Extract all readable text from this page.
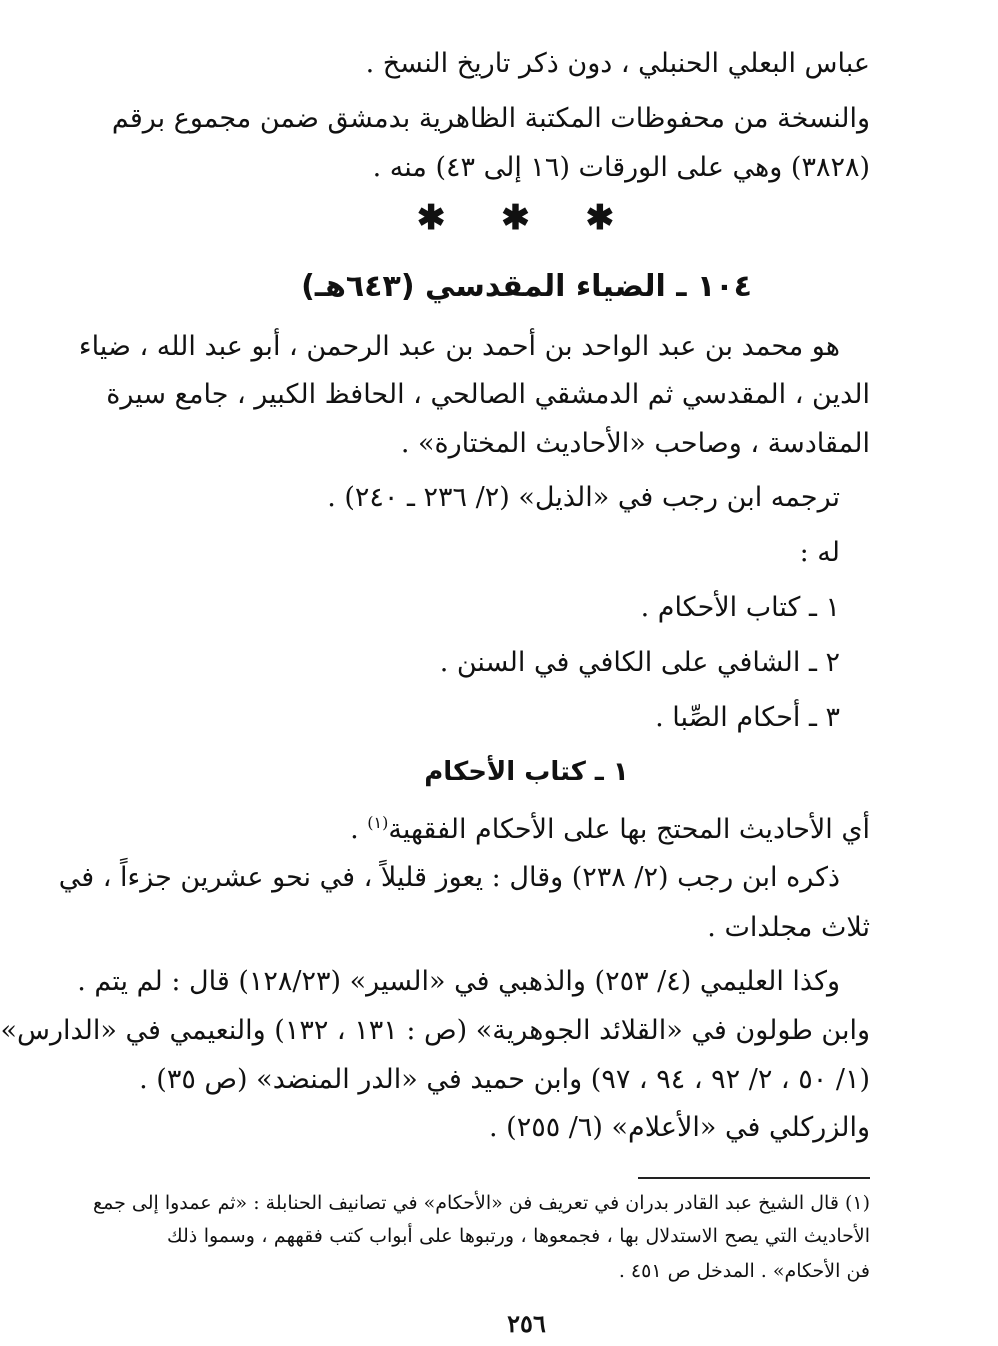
عباس البعلي الحنبلي ، دون ذكر تاريخ النسخ .
والنسخة من محفوظات المكتبة الظاهرية بدمشق ضمن مجموع برقم
(٣٨٢٨) وهي على الورقات (١٦ إلى ٤٣) منه .
✱ ✱ ✱
١٠٤ ـ الضياء المقدسي (٦٤٣هـ)
هو محمد بن عبد الواحد بن أحمد بن عبد الرحمن ، أبو عبد الله ، ضياء
الدين ، المقدسي ثم الدمشقي الصالحي ، الحافظ الكبير ، جامع سيرة
المقادسة ، وصاحب «الأحاديث المختارة» .
ترجمه ابن رجب في «الذيل» (٢/ ٢٣٦ ـ ٢٤٠) .
له :
١ ـ كتاب الأحكام .
٢ ـ الشافي على الكافي في السنن .
٣ ـ أحكام الصِّبا .
١ ـ كتاب الأحكام
أي الأحاديث المحتج بها على الأحكام الفقهية$^{(١)}$ .
ذكره ابن رجب (٢/ ٢٣٨) وقال : يعوز قليلاً ، في نحو عشرين جزءاً ، في
ثلاث مجلدات .
وكذا العليمي (٤/ ٢٥٣) والذهبي في «السير» (١٢٨/٢٣) قال : لم يتم .
وابن طولون في «القلائد الجوهرية» (ص : ١٣١ ، ١٣٢) والنعيمي في «الدارس»
(١/ ٥٠ ، ٢/ ٩٢ ، ٩٤ ، ٩٧) وابن حميد في «الدر المنضد» (ص ٣٥) .
والزركلي في «الأعلام» (٦/ ٢٥٥) .
(١) قال الشيخ عبد القادر بدران في تعريف فن «الأحكام» في تصانيف الحنابلة : «ثم عمدوا إلى جمع
الأحاديث التي يصح الاستدلال بها ، فجمعوها ، ورتبوها على أبواب كتب فقههم ، وسموا ذلك
فن الأحكام» . المدخل ص ٤٥١ .
٢٥٦
